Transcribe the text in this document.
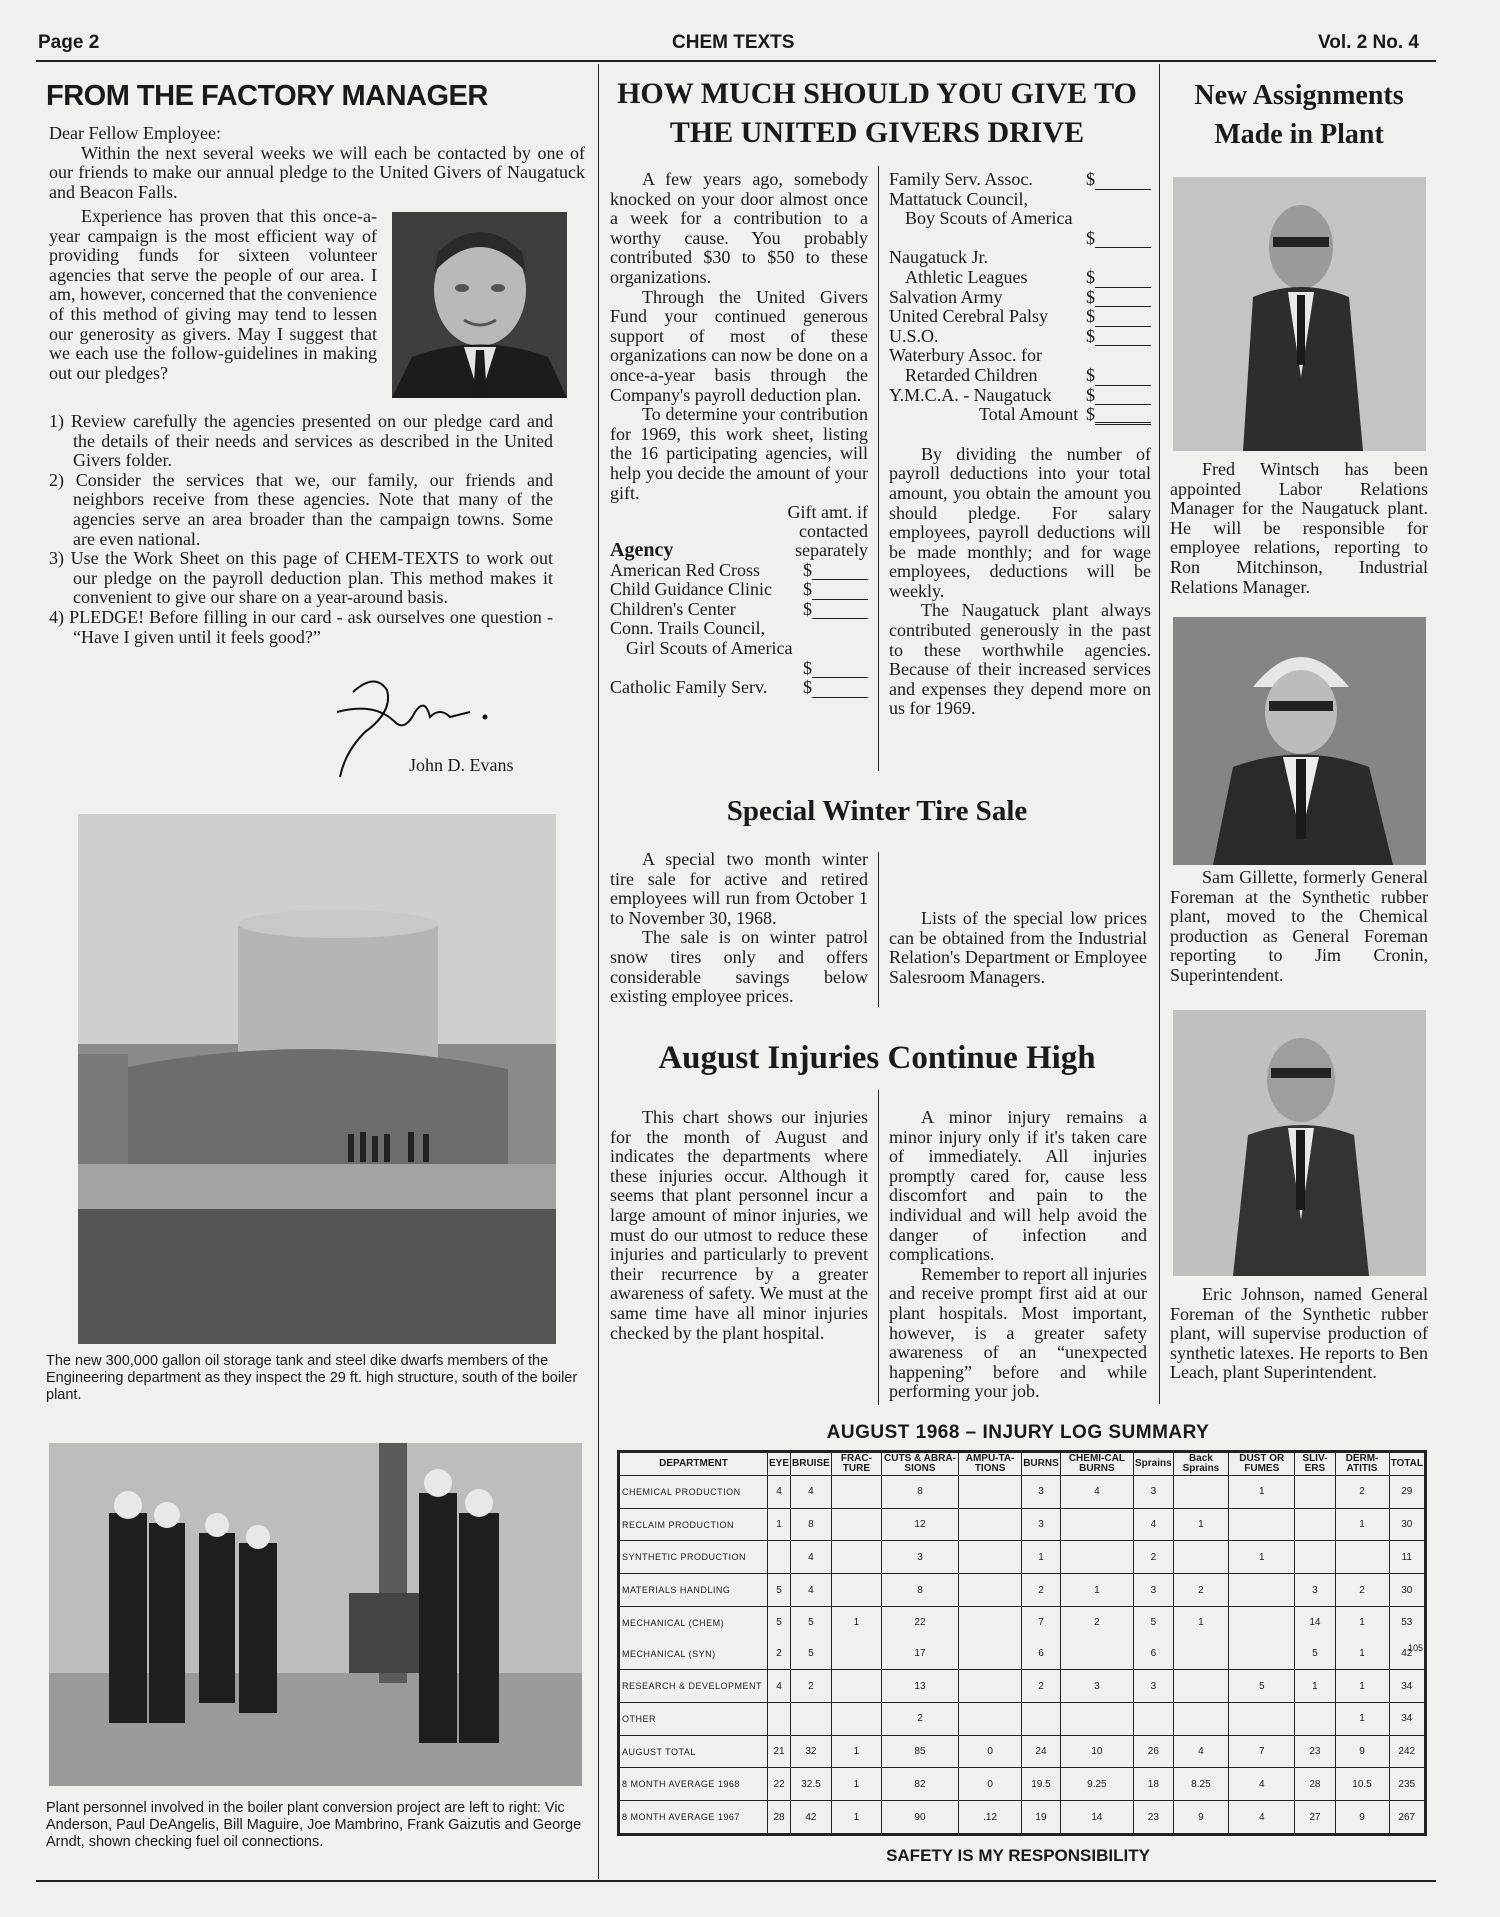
Page 2	CHEM TEXTS	Vol. 2 No. 4
FROM THE FACTORY MANAGER

Dear Fellow Employee:

Within the next several weeks we will each be contacted by one of our friends to make our annual pledge to the United Givers of Naugatuck and Beacon Falls.

Experience has proven that this once-a-year campaign is the most efficient way of providing funds for sixteen volunteer agencies that serve the people of our area. I am, however, concerned that the convenience of this method of giving may tend to lessen our generosity as givers. May I suggest that we each use the follow-guidelines in making out our pledges?

1) Review carefully the agencies presented on our pledge card and the details of their needs and services as described in the United Givers folder.
2) Consider the services that we, our family, our friends and neighbors receive from these agencies. Note that many of the agencies serve an area broader than the campaign towns. Some are even national.
3) Use the Work Sheet on this page of CHEM-TEXTS to work out our pledge on the payroll deduction plan. This method makes it convenient to give our share on a year-around basis.
4) PLEDGE! Before filling in our card - ask ourselves one question - “Have I given until it feels good?”
John D. Evans
The new 300,000 gallon oil storage tank and steel dike dwarfs members of the Engineering department as they inspect the 29 ft. high structure, south of the boiler plant.
Plant personnel involved in the boiler plant conversion project are left to right: Vic Anderson, Paul DeAngelis, Bill Maguire, Joe Mambrino, Frank Gaizutis and George Arndt, shown checking fuel oil connections.
HOW MUCH SHOULD YOU GIVE TO THE UNITED GIVERS DRIVE

A few years ago, somebody knocked on your door almost once a week for a contribution to a worthy cause. You probably contributed $30 to $50 to these organizations.

Through the United Givers Fund your continued generous support of most of these organizations can now be done on a once-a-year basis through the Company's payroll deduction plan.

To determine your contribution for 1969, this work sheet, listing the 16 participating agencies, will help you decide the amount of your gift.

Gift amt. if contacted separately

Agency

American Red Cross $
Child Guidance Clinic $
Children's Center	$
Conn. Trails Council,
Girl Scouts of America
$
Catholic Family Serv. $
Family Serv. Assoc.	$
Mattatuck Council,
Boy Scouts of America
$
Naugatuck Jr.
Athletic Leagues	$
Salvation Army	$
United Cerebral Palsy $
U.S.O.	$
Waterbury Assoc. for
Retarded Children	$
Y.M.C.A. - Naugatuck $
Total Amount $

By dividing the number of payroll deductions into your total amount, you obtain the amount you should pledge. For salary employees, payroll deductions will be made monthly; and for wage employees, deductions will be weekly.

The Naugatuck plant always contributed generously in the past to these worthwhile agencies. Because of their increased services and expenses they depend more on us for 1969.

Special Winter Tire Sale

A special two month winter tire sale for active and retired employees will run from October 1 to November 30, 1968.

The sale is on winter patrol snow tires only and offers considerable savings below existing employee prices.

Lists of the special low prices can be obtained from the Industrial Relation's Department or Employee Salesroom Managers.

August Injuries Continue High

This chart shows our injuries for the month of August and indicates the departments where these injuries occur. Although it seems that plant personnel incur a large amount of minor injuries, we must do our utmost to reduce these injuries and particularly to prevent their recurrence by a greater awareness of safety. We must at the same time have all minor injuries checked by the plant hospital.

A minor injury remains a minor injury only if it's taken care of immediately. All injuries promptly cared for, cause less discomfort and pain to the individual and will help avoid the danger of infection and complications.

Remember to report all injuries and receive prompt first aid at our plant hospitals. Most important, however, is a greater safety awareness of an “unexpected happening” before and while performing your job.

New Assignments Made in Plant

Fred Wintsch has been appointed Labor Relations Manager for the Naugatuck plant. He will be responsible for employee relations, reporting to Ron Mitchinson, Industrial Relations Manager.

Sam Gillette, formerly General Foreman at the Synthetic rubber plant, moved to the Chemical production as General Foreman reporting to Jim Cronin, Superintendent.

Eric Johnson, named General Foreman of the Synthetic rubber plant, will supervise production of synthetic latexes. He reports to Ben Leach, plant Superintendent.

AUGUST 1968 – INJURY LOG SUMMARY
DEPARTMENT	EYE	BRUISE	FRAC-TURE	CUTS & ABRA-SIONS	AMPU-TA-TIONS	BURNS	CHEMI-CAL BURNS	Sprains	Back Sprains	DUST OR FUMES	SLIV-ERS	DERM-ATITIS	TOTAL
CHEMICAL PRODUCTION	4	4		8		3	4	3		1		2	29
RECLAIM PRODUCTION	1	8		12		3		4	1			1	30
SYNTHETIC PRODUCTION		4		3		1		2		1			11
MATERIALS HANDLING	5	4		8		2	1	3	2		3	2	30
MECHANICAL (CHEM)	5	5	1	22		7	2	5	1		14	1	53
MECHANICAL (SYN)	2	5		17		6		6			5	1	42
RESEARCH & DEVELOPMENT	4	2		13		2	3	3		5	1	1	34
OTHER				2								1	34
AUGUST TOTAL	21	32	1	85	0	24	10	26	4	7	23	9	242
8 MONTH AVERAGE 1968	22	32.5	1	82	0	19.5	9.25	18	8.25	4	28	10.5	235
8 MONTH AVERAGE 1967	28	42	1	90	.12	19	14	23	9	4	27	9	267
105
SAFETY IS MY RESPONSIBILITY
